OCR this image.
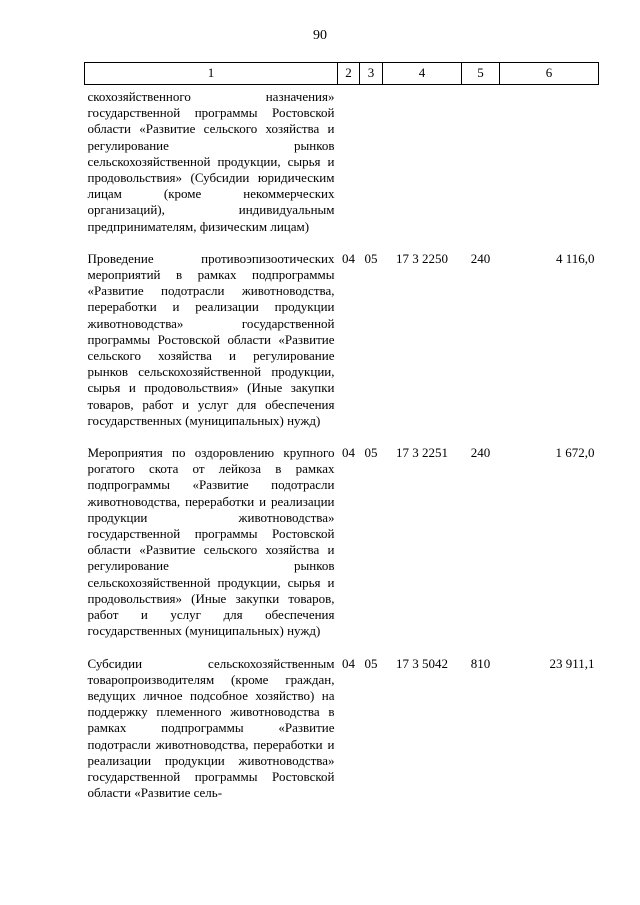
90
1	2	3	4	5	6
скохозяйственного назначения» государственной программы Ростовской области «Развитие сельского хозяйства и регулирование рынков сельскохозяйственной продукции, сырья и продовольствия» (Субсидии юридическим лицам (кроме некоммерческих организаций), индивидуальным предпринимателям, физическим лицам)					

Проведение противоэпизоотических мероприятий в рамках подпрограммы «Развитие подотрасли животноводства, переработки и реализации продукции животноводства» государственной программы Ростовской области «Развитие сельского хозяйства и регулирование рынков сельскохозяйственной продукции, сырья и продовольствия» (Иные закупки товаров, работ и услуг для обеспечения государственных (муниципальных) нужд)	04	05	17 3 2250	240	4 116,0

Мероприятия по оздоровлению крупного рогатого скота от лейкоза в рамках подпрограммы «Развитие подотрасли животноводства, переработки и реализации продукции животноводства» государственной программы Ростовской области «Развитие сельского хозяйства и регулирование рынков сельскохозяйственной продукции, сырья и продовольствия» (Иные закупки товаров, работ и услуг для обеспечения государственных (муниципальных) нужд)	04	05	17 3 2251	240	1 672,0

Субсидии сельскохозяйственным товаропроизводителям (кроме граждан, ведущих личное подсобное хозяйство) на поддержку племенного животноводства в рамках подпрограммы «Развитие подотрасли животноводства, переработки и реализации продукции животноводства» государственной программы Ростовской области «Развитие сель-	04	05	17 3 5042	810	23 911,1
